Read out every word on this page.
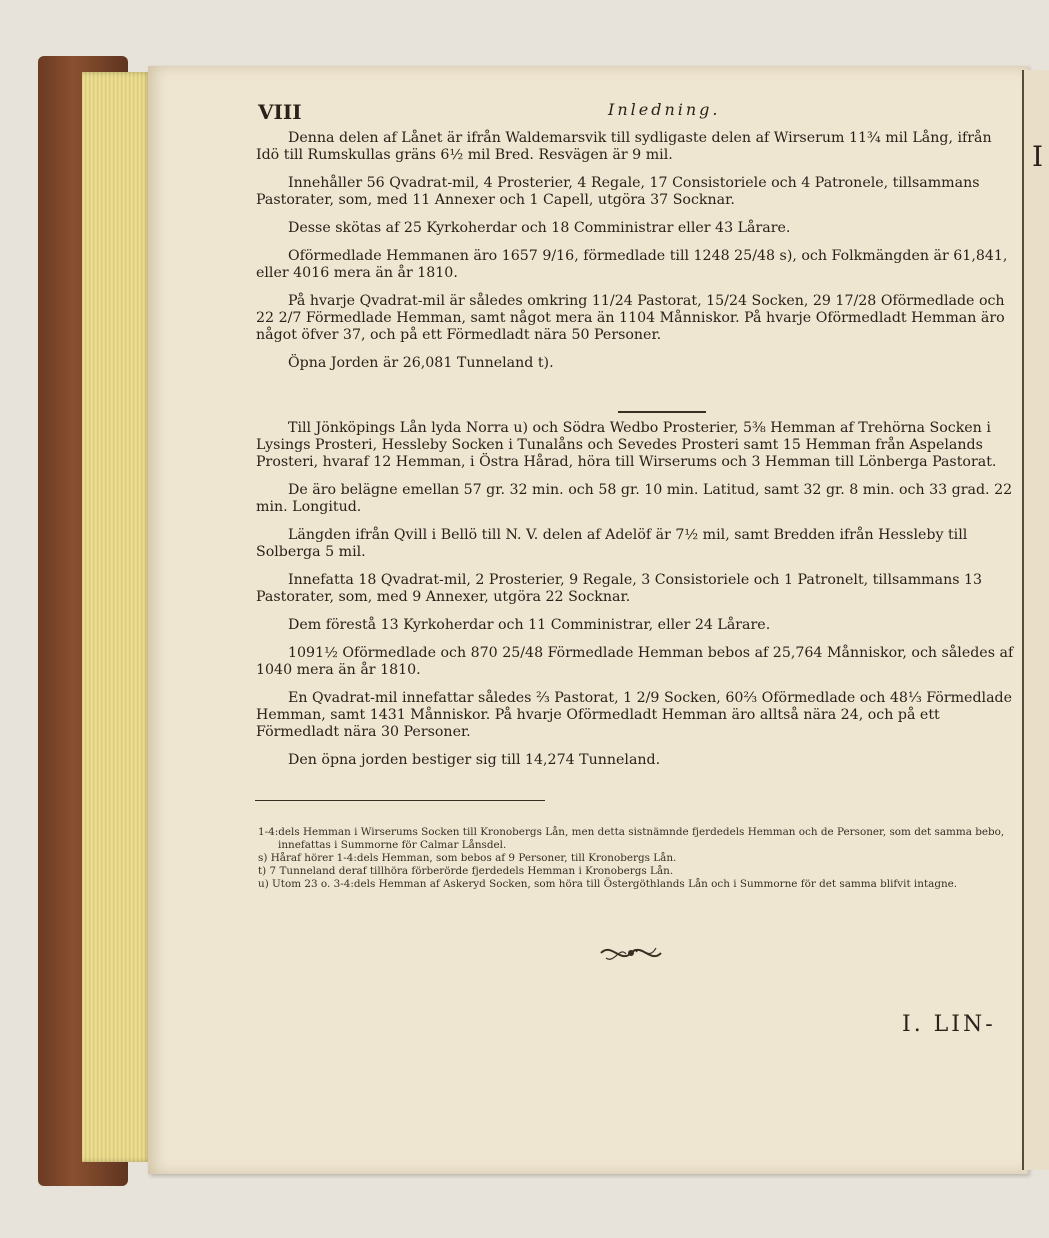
I
VIII	Inledning.

Denna delen af Lånet är ifrån Waldemarsvik till sydligaste delen af Wirserum 11¾ mil Lång, ifrån Idö till Rumskullas gräns 6½ mil Bred. Resvägen är 9 mil.

Innehåller 56 Qvadrat-mil, 4 Prosterier, 4 Regale, 17 Consistoriele och 4 Patronele, tillsammans Pastorater, som, med 11 Annexer och 1 Capell, utgöra 37 Socknar.

Desse skötas af 25 Kyrkoherdar och 18 Comministrar eller 43 Lårare.

Oförmedlade Hemmanen äro 1657 9/16, förmedlade till 1248 25/48 s), och Folkmängden är 61,841, eller 4016 mera än år 1810.

På hvarje Qvadrat-mil är således omkring 11/24 Pastorat, 15/24 Socken, 29 17/28 Oförmedlade och 22 2/7 Förmedlade Hemman, samt något mera än 1104 Månniskor. På hvarje Oförmedladt Hemman äro något öfver 37, och på ett Förmedladt nära 50 Personer.

Öpna Jorden är 26,081 Tunneland t).

Till Jönköpings Lån lyda Norra u) och Södra Wedbo Prosterier, 5⅜ Hemman af Trehörna Socken i Lysings Prosteri, Hessleby Socken i Tunalåns och Sevedes Prosteri samt 15 Hemman från Aspelands Prosteri, hvaraf 12 Hemman, i Östra Hårad, höra till Wirserums och 3 Hemman till Lönberga Pastorat.

De äro belägne emellan 57 gr. 32 min. och 58 gr. 10 min. Latitud, samt 32 gr. 8 min. och 33 grad. 22 min. Longitud.

Längden ifrån Qvill i Bellö till N. V. delen af Adelöf är 7½ mil, samt Bredden ifrån Hessleby till Solberga 5 mil.

Innefatta 18 Qvadrat-mil, 2 Prosterier, 9 Regale, 3 Consistoriele och 1 Patronelt, tillsammans 13 Pastorater, som, med 9 Annexer, utgöra 22 Socknar.

Dem förestå 13 Kyrkoherdar och 11 Comministrar, eller 24 Lårare.

1091½ Oförmedlade och 870 25/48 Förmedlade Hemman bebos af 25,764 Månniskor, och således af 1040 mera än år 1810.

En Qvadrat-mil innefattar således ⅔ Pastorat, 1 2/9 Socken, 60⅔ Oförmedlade och 48⅓ Förmedlade Hemman, samt 1431 Månniskor. På hvarje Oförmedladt Hemman äro alltså nära 24, och på ett Förmedladt nära 30 Personer.

Den öpna jorden bestiger sig till 14,274 Tunneland.

1-4:dels Hemman i Wirserums Socken till Kronobergs Lån, men detta sistnämnde fjerdedels Hemman och de Personer, som det samma bebo, innefattas i Summorne för Calmar Lånsdel.

s) Håraf hörer 1-4:dels Hemman, som bebos af 9 Personer, till Kronobergs Lån.

t) 7 Tunneland deraf tillhöra förberörde fjerdedels Hemman i Kronobergs Lån.

u) Utom 23 o. 3-4:dels Hemman af Askeryd Socken, som höra till Östergöthlands Lån och i Summorne för det samma blifvit intagne.

I. LIN-
